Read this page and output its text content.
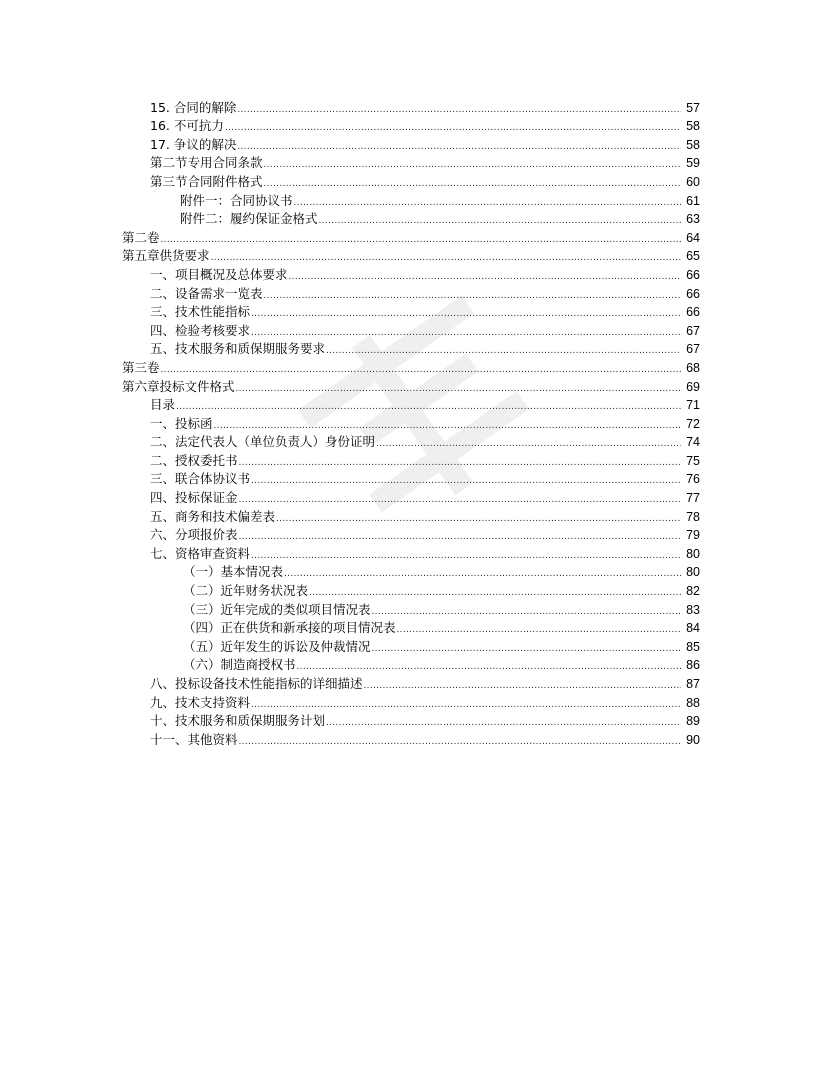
15. 合同的解除 .....	57
16. 不可抗力 .....	58
17. 争议的解决 .....	58
第二节专用合同条款 .....	59
第三节合同附件格式 .....	60
附件一：合同协议书 .....	61
附件二：履约保证金格式 .....	63
第二卷 .....	64
第五章供货要求 .....	65
一、项目概况及总体要求 .....	66
二、设备需求一览表 .....	66
三、技术性能指标 .....	66
四、检验考核要求 .....	67
五、技术服务和质保期服务要求 .....	67
第三卷 .....	68
第六章投标文件格式 .....	69
目录 .....	71
一、投标函 .....	72
二、法定代表人（单位负责人）身份证明 .....	74
二、授权委托书 .....	75
三、联合体协议书 .....	76
四、投标保证金 .....	77
五、商务和技术偏差表 .....	78
六、分项报价表 .....	79
七、资格审查资料 .....	80
（一）基本情况表 .....	80
（二）近年财务状况表 .....	82
（三）近年完成的类似项目情况表 .....	83
（四）正在供货和新承接的项目情况表 .....	84
（五）近年发生的诉讼及仲裁情况 .....	85
（六）制造商授权书 .....	86
八、投标设备技术性能指标的详细描述 .....	87
九、技术支持资料 .....	88
十、技术服务和质保期服务计划 .....	89
十一、其他资料 .....	90
